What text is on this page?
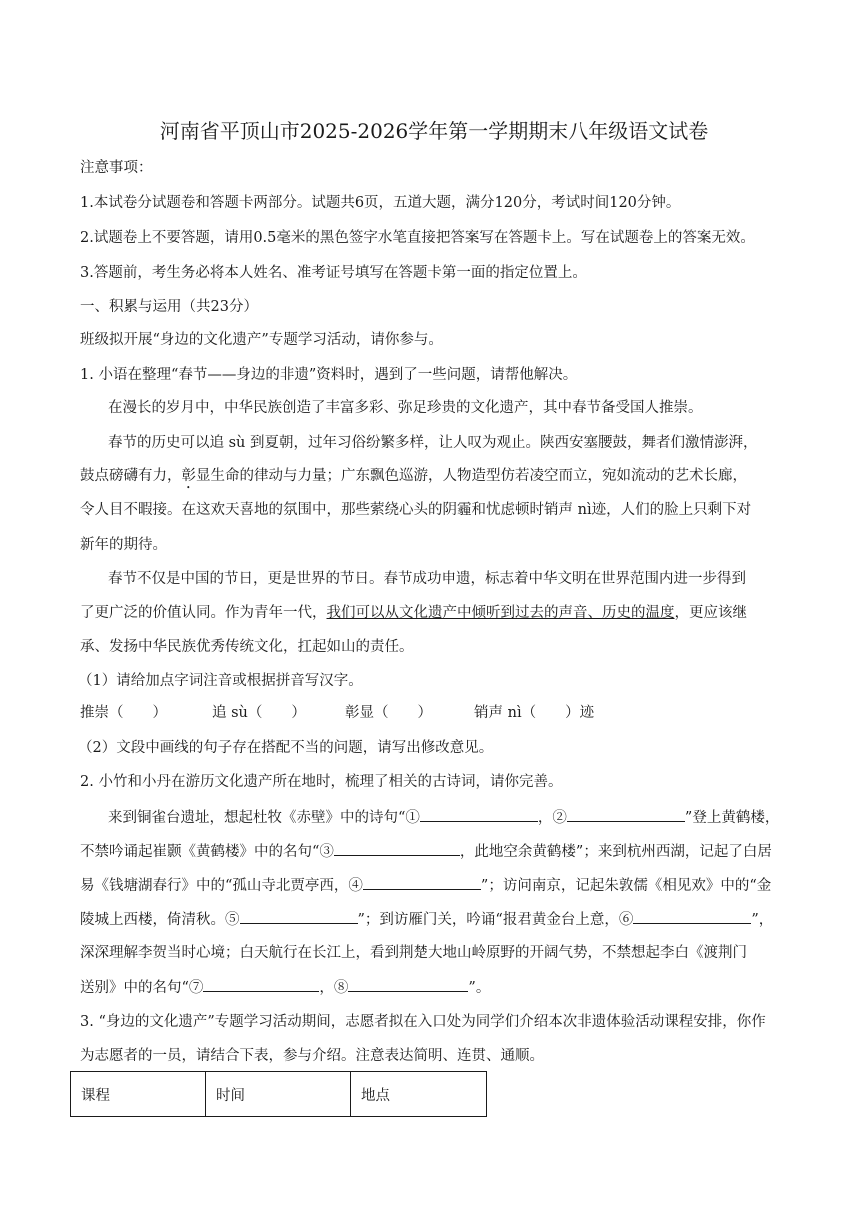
河南省平顶山市2025-2026学年第一学期期末八年级语文试卷
注意事项：
1.本试卷分试题卷和答题卡两部分。试题共6页，五道大题，满分120分，考试时间120分钟。
2.试题卷上不要答题，请用0.5毫米的黑色签字水笔直接把答案写在答题卡上。写在试题卷上的答案无效。
3.答题前，考生务必将本人姓名、准考证号填写在答题卡第一面的指定位置上。
一、积累与运用（共23分）
班级拟开展“身边的文化遗产”专题学习活动，请你参与。
1. 小语在整理“春节——身边的非遗”资料时，遇到了一些问题，请帮他解决。
在漫长的岁月中，中华民族创造了丰富多彩、弥足珍贵的文化遗产，其中春节备受国人推崇。
春节的历史可以追 sù 到夏朝，过年习俗纷繁多样，让人叹为观止。陕西安塞腰鼓，舞者们激情澎湃，
鼓点磅礴有力，彰显生命的律动与力量；广东飘色巡游，人物造型仿若凌空而立，宛如流动的艺术长廊，
令人目不暇接。在这欢天喜地的氛围中，那些萦绕心头的阴霾和忧虑顿时销声 nì迹，人们的脸上只剩下对
新年的期待。
春节不仅是中国的节日，更是世界的节日。春节成功申遗，标志着中华文明在世界范围内进一步得到
了更广泛的价值认同。作为青年一代，我们可以从文化遗产中倾听到过去的声音、历史的温度，更应该继
承、发扬中华民族优秀传统文化，扛起如山的责任。
（1）请给加点字词注音或根据拼音写汉字。
推崇（　　）	追 sù（　　）	彰显（　　）	销声 nì（　　）迹
（2）文段中画线的句子存在搭配不当的问题，请写出修改意见。
2. 小竹和小丹在游历文化遗产所在地时，梳理了相关的古诗词，请你完善。
来到铜雀台遗址，想起杜牧《赤壁》中的诗句“①	，②	”登上黄鹤楼，
不禁吟诵起崔颢《黄鹤楼》中的名句“③	，此地空余黄鹤楼”；来到杭州西湖，记起了白居
易《钱塘湖春行》中的“孤山寺北贾亭西，④	”；访问南京，记起朱敦儒《相见欢》中的“金
陵城上西楼，倚清秋。⑤	”；到访雁门关，吟诵“报君黄金台上意，⑥	”，
深深理解李贺当时心境；白天航行在长江上，看到荆楚大地山岭原野的开阔气势，不禁想起李白《渡荆门
送别》中的名句“⑦	，⑧	”。
3. “身边的文化遗产”专题学习活动期间，志愿者拟在入口处为同学们介绍本次非遗体验活动课程安排，你作
为志愿者的一员，请结合下表，参与介绍。注意表达简明、连贯、通顺。
课程	时间	地点
